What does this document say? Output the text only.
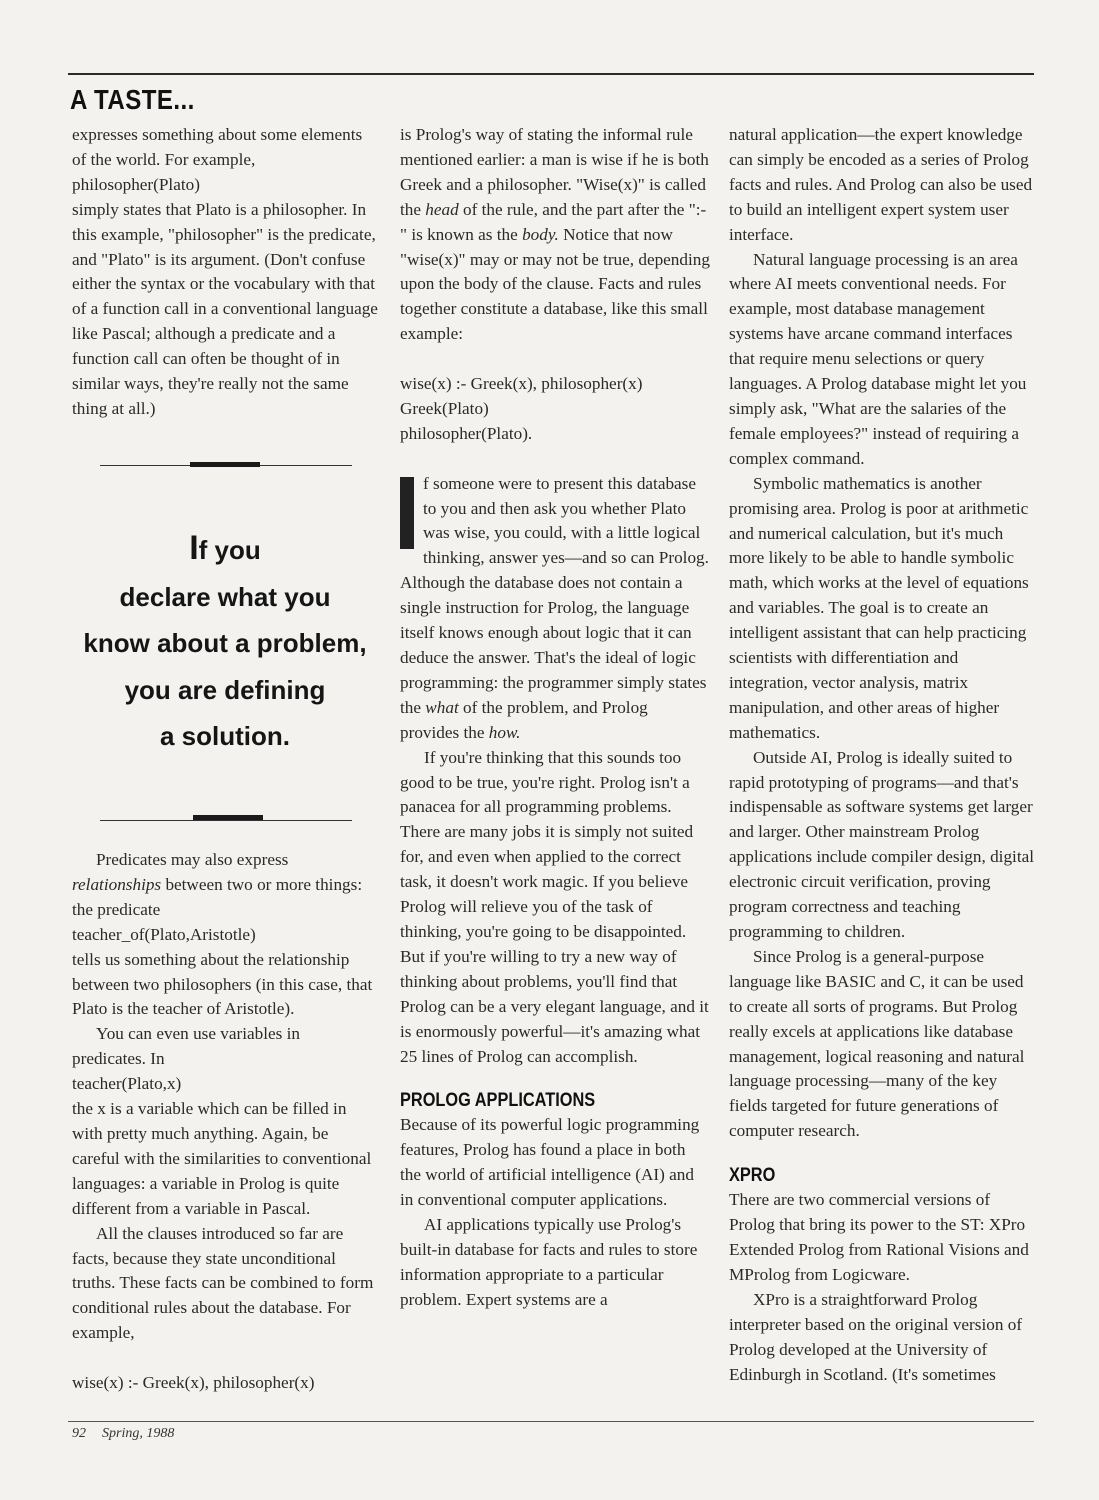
A TASTE...

expresses something about some elements of the world. For example,

philosopher(Plato)

simply states that Plato is a philosopher. In this example, "philosopher" is the predicate, and "Plato" is its argument. (Don't confuse either the syntax or the vocabulary with that of a function call in a conventional language like Pascal; although a predicate and a function call can often be thought of in similar ways, they're really not the same thing at all.)

If you
declare what you
know about a problem,
you are defining
a solution.

Predicates may also express relationships between two or more things: the predicate

teacher_of(Plato,Aristotle)

tells us something about the relationship between two philosophers (in this case, that Plato is the teacher of Aristotle).

You can even use variables in predicates. In

teacher(Plato,x)

the x is a variable which can be filled in with pretty much anything. Again, be careful with the similarities to conventional languages: a variable in Prolog is quite different from a variable in Pascal.

All the clauses introduced so far are facts, because they state unconditional truths. These facts can be combined to form conditional rules about the database. For example,

wise(x) :- Greek(x), philosopher(x)

is Prolog's way of stating the informal rule mentioned earlier: a man is wise if he is both Greek and a philosopher. "Wise(x)" is called the head of the rule, and the part after the ":-" is known as the body. Notice that now "wise(x)" may or may not be true, depending upon the body of the clause. Facts and rules together constitute a database, like this small example:

wise(x) :- Greek(x), philosopher(x)

Greek(Plato)

philosopher(Plato).

f someone were to present this database to you and then ask you whether Plato was wise, you could, with a little logical thinking, answer yes—and so can Prolog. Although the database does not contain a single instruction for Prolog, the language itself knows enough about logic that it can deduce the answer. That's the ideal of logic programming: the programmer simply states the what of the problem, and Prolog provides the how.

If you're thinking that this sounds too good to be true, you're right. Prolog isn't a panacea for all programming problems. There are many jobs it is simply not suited for, and even when applied to the correct task, it doesn't work magic. If you believe Prolog will relieve you of the task of thinking, you're going to be disappointed. But if you're willing to try a new way of thinking about problems, you'll find that Prolog can be a very elegant language, and it is enormously powerful—it's amazing what 25 lines of Prolog can accomplish.

PROLOG APPLICATIONS

Because of its powerful logic programming features, Prolog has found a place in both the world of artificial intelligence (AI) and in conventional computer applications.

AI applications typically use Prolog's built-in database for facts and rules to store information appropriate to a particular problem. Expert systems are a

natural application—the expert knowledge can simply be encoded as a series of Prolog facts and rules. And Prolog can also be used to build an intelligent expert system user interface.

Natural language processing is an area where AI meets conventional needs. For example, most database management systems have arcane command interfaces that require menu selections or query languages. A Prolog database might let you simply ask, "What are the salaries of the female employees?" instead of requiring a complex command.

Symbolic mathematics is another promising area. Prolog is poor at arithmetic and numerical calculation, but it's much more likely to be able to handle symbolic math, which works at the level of equations and variables. The goal is to create an intelligent assistant that can help practicing scientists with differentiation and integration, vector analysis, matrix manipulation, and other areas of higher mathematics.

Outside AI, Prolog is ideally suited to rapid prototyping of programs—and that's indispensable as software systems get larger and larger. Other mainstream Prolog applications include compiler design, digital electronic circuit verification, proving program correctness and teaching programming to children.

Since Prolog is a general-purpose language like BASIC and C, it can be used to create all sorts of programs. But Prolog really excels at applications like database management, logical reasoning and natural language processing—many of the key fields targeted for future generations of computer research.

XPRO

There are two commercial versions of Prolog that bring its power to the ST: XPro Extended Prolog from Rational Visions and MProlog from Logicware.

XPro is a straightforward Prolog interpreter based on the original version of Prolog developed at the University of Edinburgh in Scotland. (It's sometimes

92 Spring, 1988
